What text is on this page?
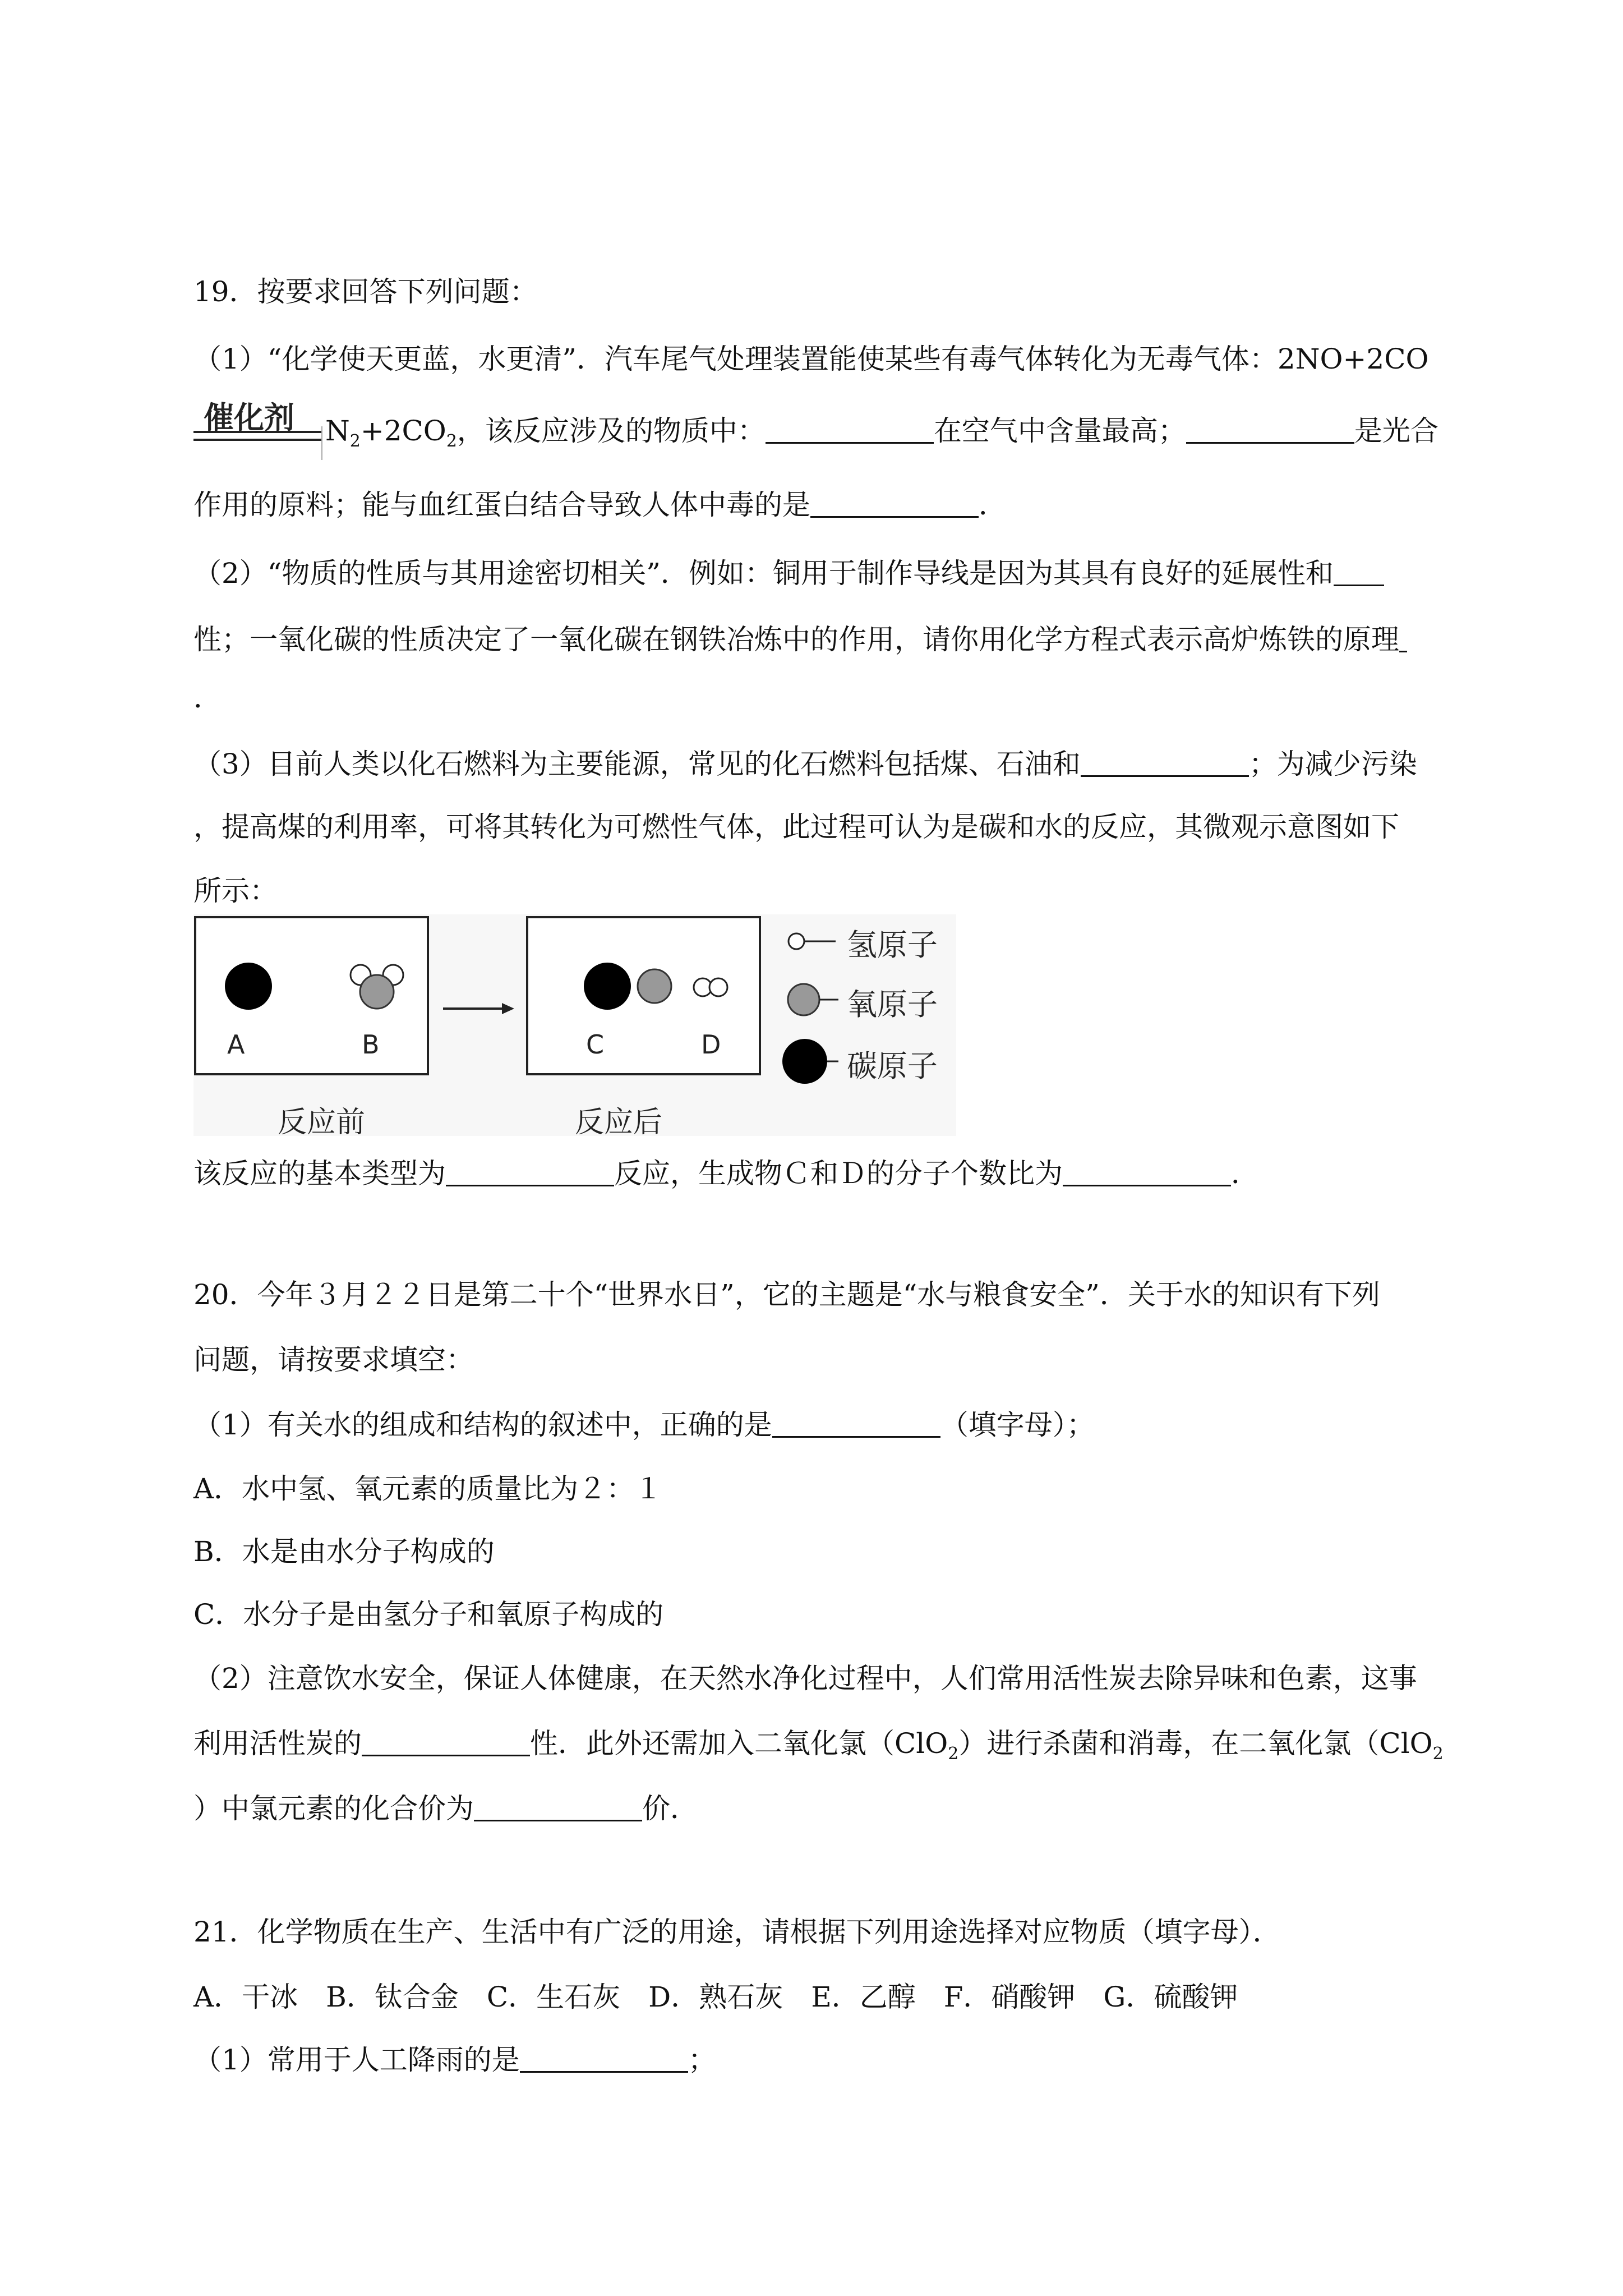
19．按要求回答下列问题：
（1）“化学使天更蓝，水更清”．汽车尾气处理装置能使某些有毒气体转化为无毒气体：2NO+2CO
催化剂 $N_2+2CO_2$，该反应涉及的物质中：	在空气中含量最高；	是光合
作用的原料；能与血红蛋白结合导致人体中毒的是	．
（2）“物质的性质与其用途密切相关”．例如：铜用于制作导线是因为其具有良好的延展性和
性；一氧化碳的性质决定了一氧化碳在钢铁冶炼中的作用，请你用化学方程式表示高炉炼铁的原理
．
（3）目前人类以化石燃料为主要能源，常见的化石燃料包括煤、石油和	；为减少污染
，提高煤的利用率，可将其转化为可燃性气体，此过程可认为是碳和水的反应，其微观示意图如下
所示：
A	B	C	D
反应前	反应后
氢原子
氧原子
碳原子
该反应的基本类型为	反应，生成物Ｃ和Ｄ的分子个数比为	．
20．今年３月２２日是第二十个“世界水日”，它的主题是“水与粮食安全”．关于水的知识有下列
问题，请按要求填空：
（1）有关水的组成和结构的叙述中，正确的是	（填字母）；
A．水中氢、氧元素的质量比为２：１
B．水是由水分子构成的
C．水分子是由氢分子和氧原子构成的
（2）注意饮水安全，保证人体健康，在天然水净化过程中，人们常用活性炭去除异味和色素，这事
利用活性炭的	性．此外还需加入二氧化氯（ClO$_2$）进行杀菌和消毒，在二氧化氯（ClO$_2$
）中氯元素的化合价为	价．
21．化学物质在生产、生活中有广泛的用途，请根据下列用途选择对应物质（填字母）．
A．干冰　B．钛合金　C．生石灰　D．熟石灰　E．乙醇　F．硝酸钾　G．硫酸钾
（1）常用于人工降雨的是	；
